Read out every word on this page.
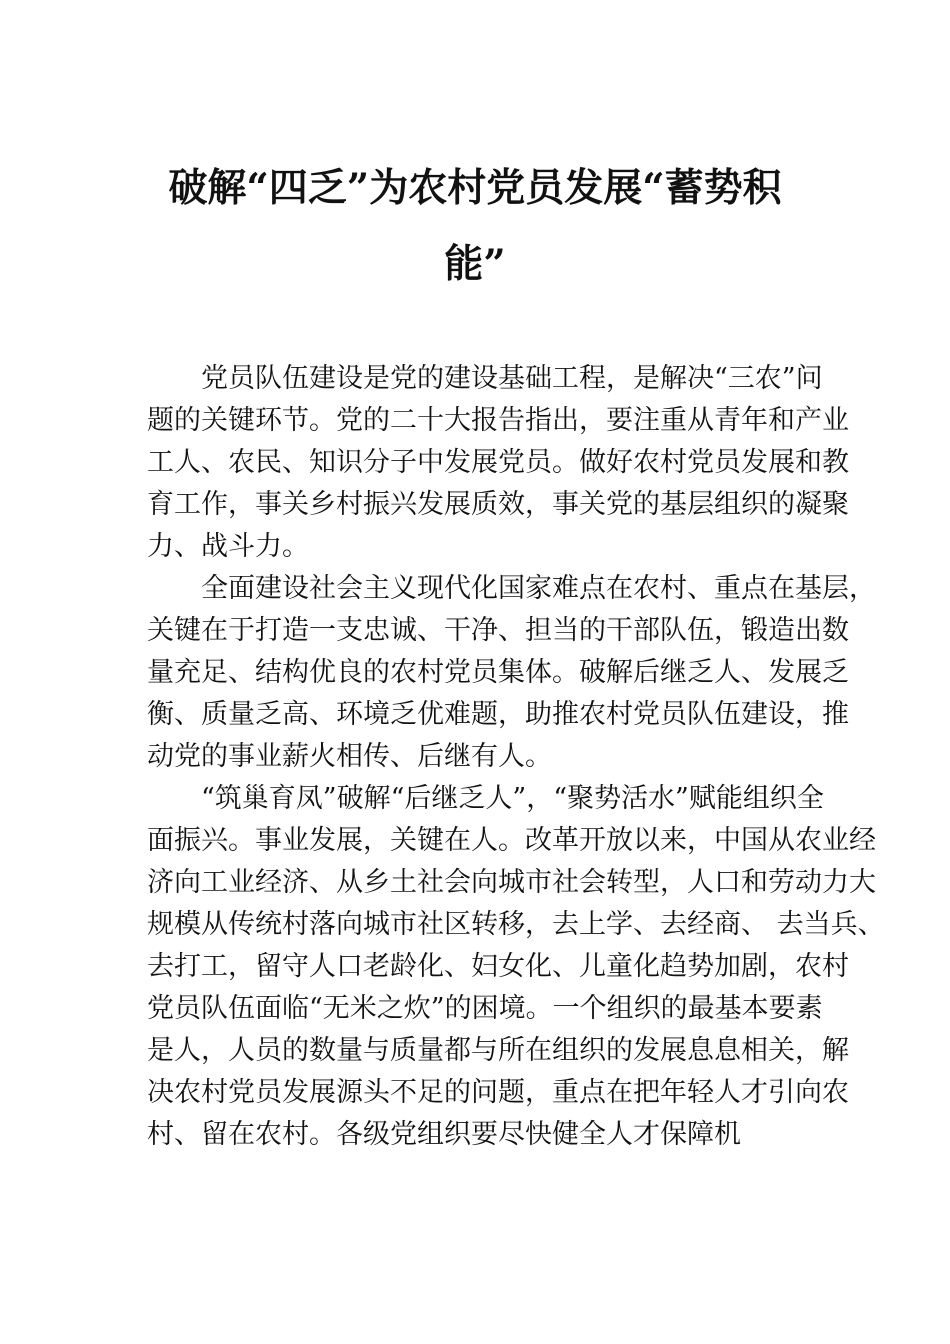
破解“四乏”为农村党员发展“蓄势积
能”
党员队伍建设是党的建设基础工程，是解决“三农”问
题的关键环节。党的二十大报告指出，要注重从青年和产业
工人、农民、知识分子中发展党员。做好农村党员发展和教
育工作，事关乡村振兴发展质效，事关党的基层组织的凝聚
力、战斗力。
全面建设社会主义现代化国家难点在农村、重点在基层，
关键在于打造一支忠诚、干净、担当的干部队伍，锻造出数
量充足、结构优良的农村党员集体。破解后继乏人、发展乏
衡、质量乏高、环境乏优难题，助推农村党员队伍建设，推
动党的事业薪火相传、后继有人。
“筑巢育凤”破解“后继乏人”，“聚势活水”赋能组织全
面振兴。事业发展，关键在人。改革开放以来，中国从农业经
济向工业经济、从乡土社会向城市社会转型，人口和劳动力大
规模从传统村落向城市社区转移，去上学、去经商、 去当兵、
去打工，留守人口老龄化、妇女化、儿童化趋势加剧，农村
党员队伍面临“无米之炊”的困境。一个组织的最基本要素
是人，人员的数量与质量都与所在组织的发展息息相关，解
决农村党员发展源头不足的问题，重点在把年轻人才引向农
村、留在农村。各级党组织要尽快健全人才保障机
